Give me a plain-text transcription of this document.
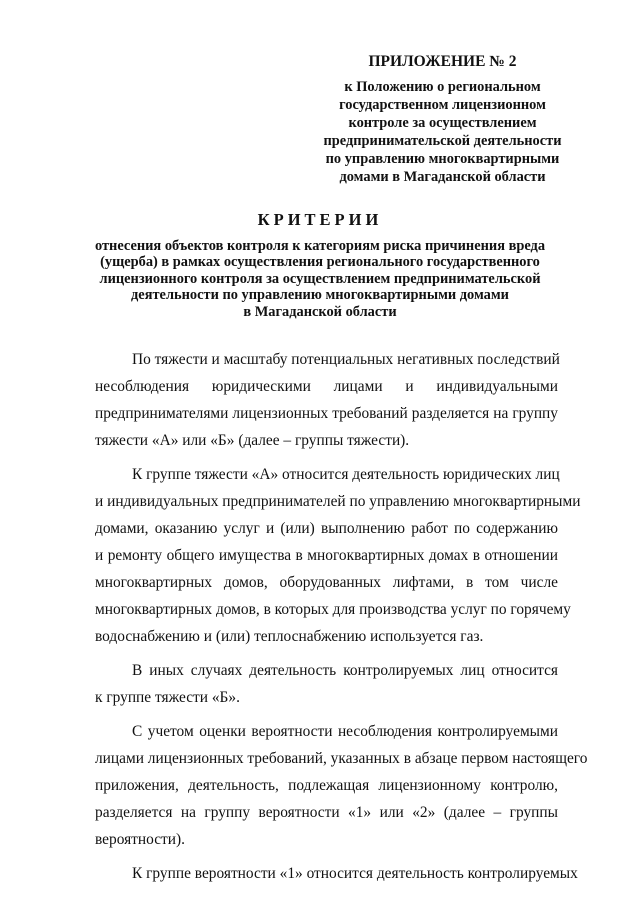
ПРИЛОЖЕНИЕ № 2
к Положению о региональном
государственном лицензионном
контроле за осуществлением
предпринимательской деятельности
по управлению многоквартирными
домами в Магаданской области
КРИТЕРИИ
отнесения объектов контроля к категориям риска причинения вреда
(ущерба) в рамках осуществления регионального государственного
лицензионного контроля за осуществлением предпринимательской
деятельности по управлению многоквартирными домами
в Магаданской области
По тяжести и масштабу потенциальных негативных последствий
несоблюдения юридическими лицами и индивидуальными
предпринимателями лицензионных требований разделяется на группу
тяжести «А» или «Б» (далее – группы тяжести).
К группе тяжести «А» относится деятельность юридических лиц
и индивидуальных предпринимателей по управлению многоквартирными
домами, оказанию услуг и (или) выполнению работ по содержанию
и ремонту общего имущества в многоквартирных домах в отношении
многоквартирных домов, оборудованных лифтами, в том числе
многоквартирных домов, в которых для производства услуг по горячему
водоснабжению и (или) теплоснабжению используется газ.
В иных случаях деятельность контролируемых лиц относится
к группе тяжести «Б».
С учетом оценки вероятности несоблюдения контролируемыми
лицами лицензионных требований, указанных в абзаце первом настоящего
приложения, деятельность, подлежащая лицензионному контролю,
разделяется на группу вероятности «1» или «2» (далее – группы
вероятности).
К группе вероятности «1» относится деятельность контролируемых
